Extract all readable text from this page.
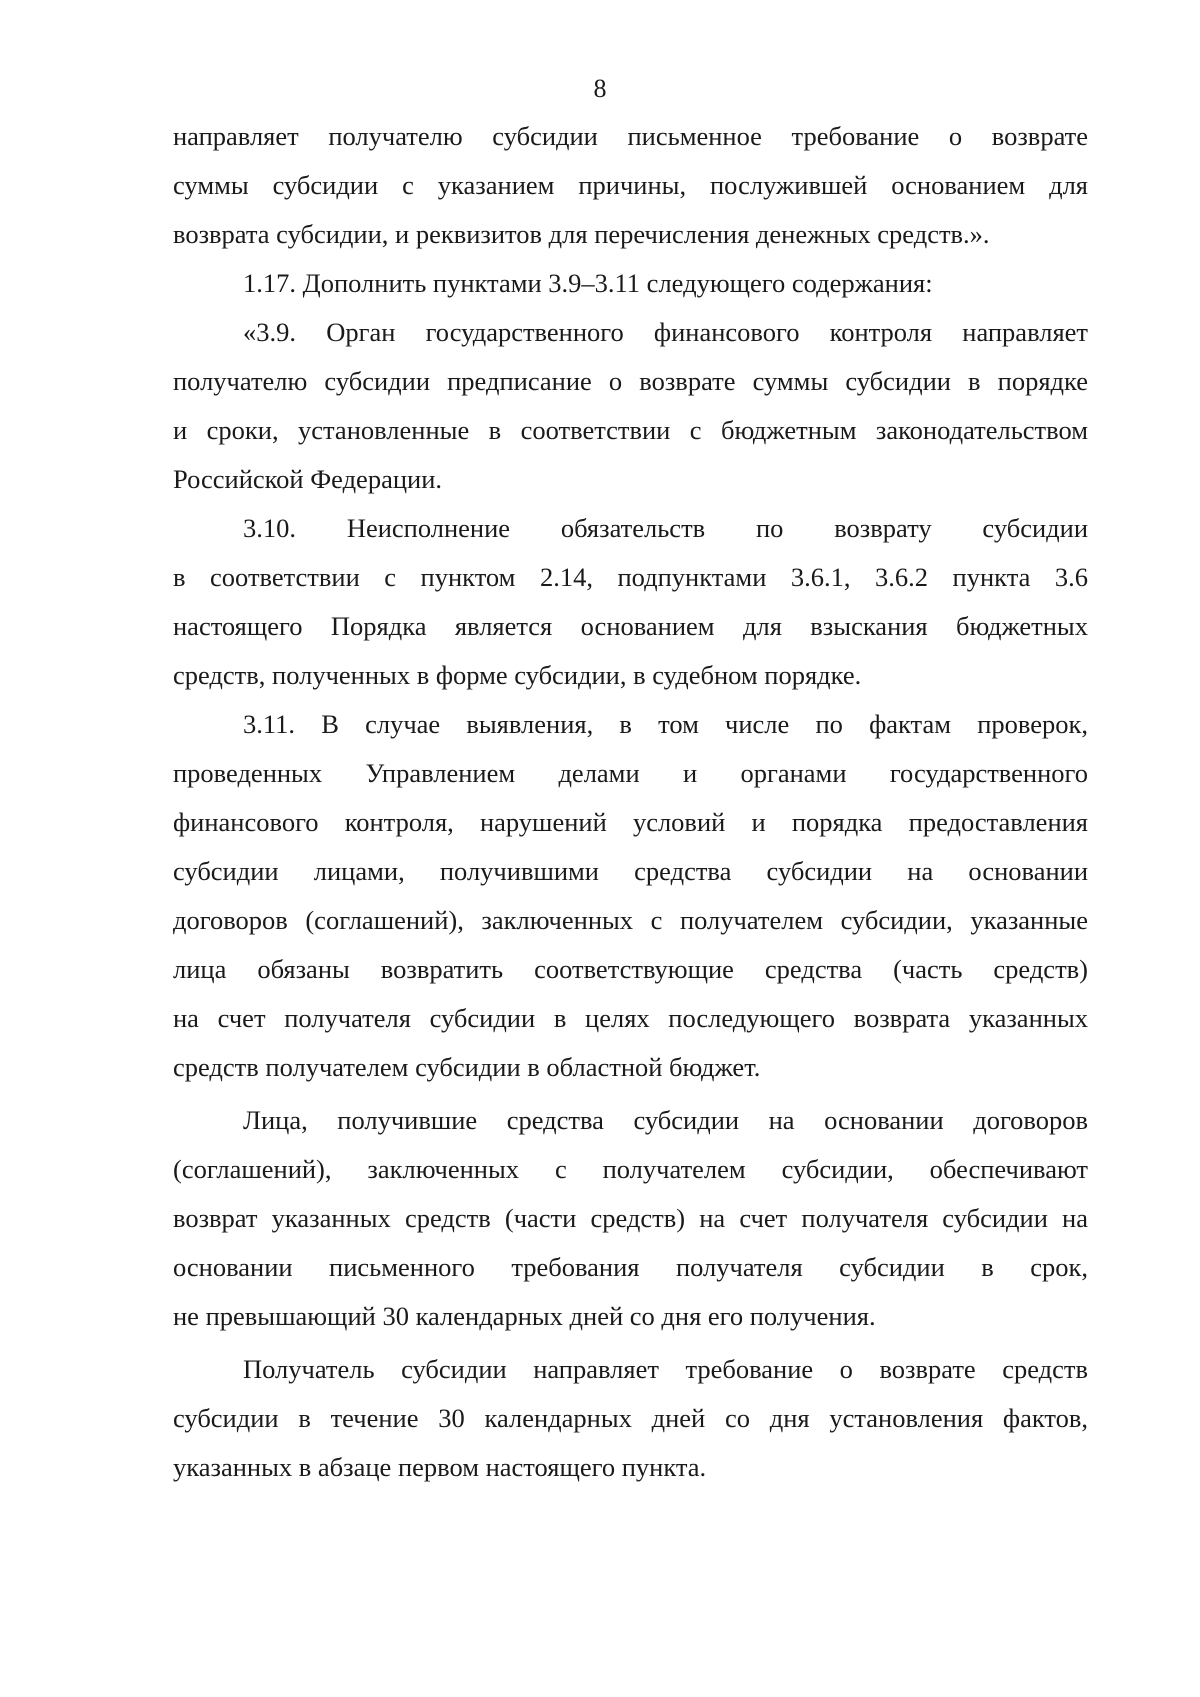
8
направляет получателю субсидии письменное требование о возврате
суммы субсидии с указанием причины, послужившей основанием для
возврата субсидии, и реквизитов для перечисления денежных средств.».
1.17. Дополнить пунктами 3.9–3.11 следующего содержания:
«3.9. Орган государственного финансового контроля направляет
получателю субсидии предписание о возврате суммы субсидии в порядке
и сроки, установленные в соответствии с бюджетным законодательством
Российской Федерации.
3.10. Неисполнение обязательств по возврату субсидии
в соответствии с пунктом 2.14, подпунктами 3.6.1, 3.6.2 пункта 3.6
настоящего Порядка является основанием для взыскания бюджетных
средств, полученных в форме субсидии, в судебном порядке.
3.11. В случае выявления, в том числе по фактам проверок,
проведенных Управлением делами и органами государственного
финансового контроля, нарушений условий и порядка предоставления
субсидии лицами, получившими средства субсидии на основании
договоров (соглашений), заключенных с получателем субсидии, указанные
лица обязаны возвратить соответствующие средства (часть средств)
на счет получателя субсидии в целях последующего возврата указанных
средств получателем субсидии в областной бюджет.
Лица, получившие средства субсидии на основании договоров
(соглашений), заключенных с получателем субсидии, обеспечивают
возврат указанных средств (части средств) на счет получателя субсидии на
основании письменного требования получателя субсидии в срок,
не превышающий 30 календарных дней со дня его получения.
Получатель субсидии направляет требование о возврате средств
субсидии в течение 30 календарных дней со дня установления фактов,
указанных в абзаце первом настоящего пункта.
